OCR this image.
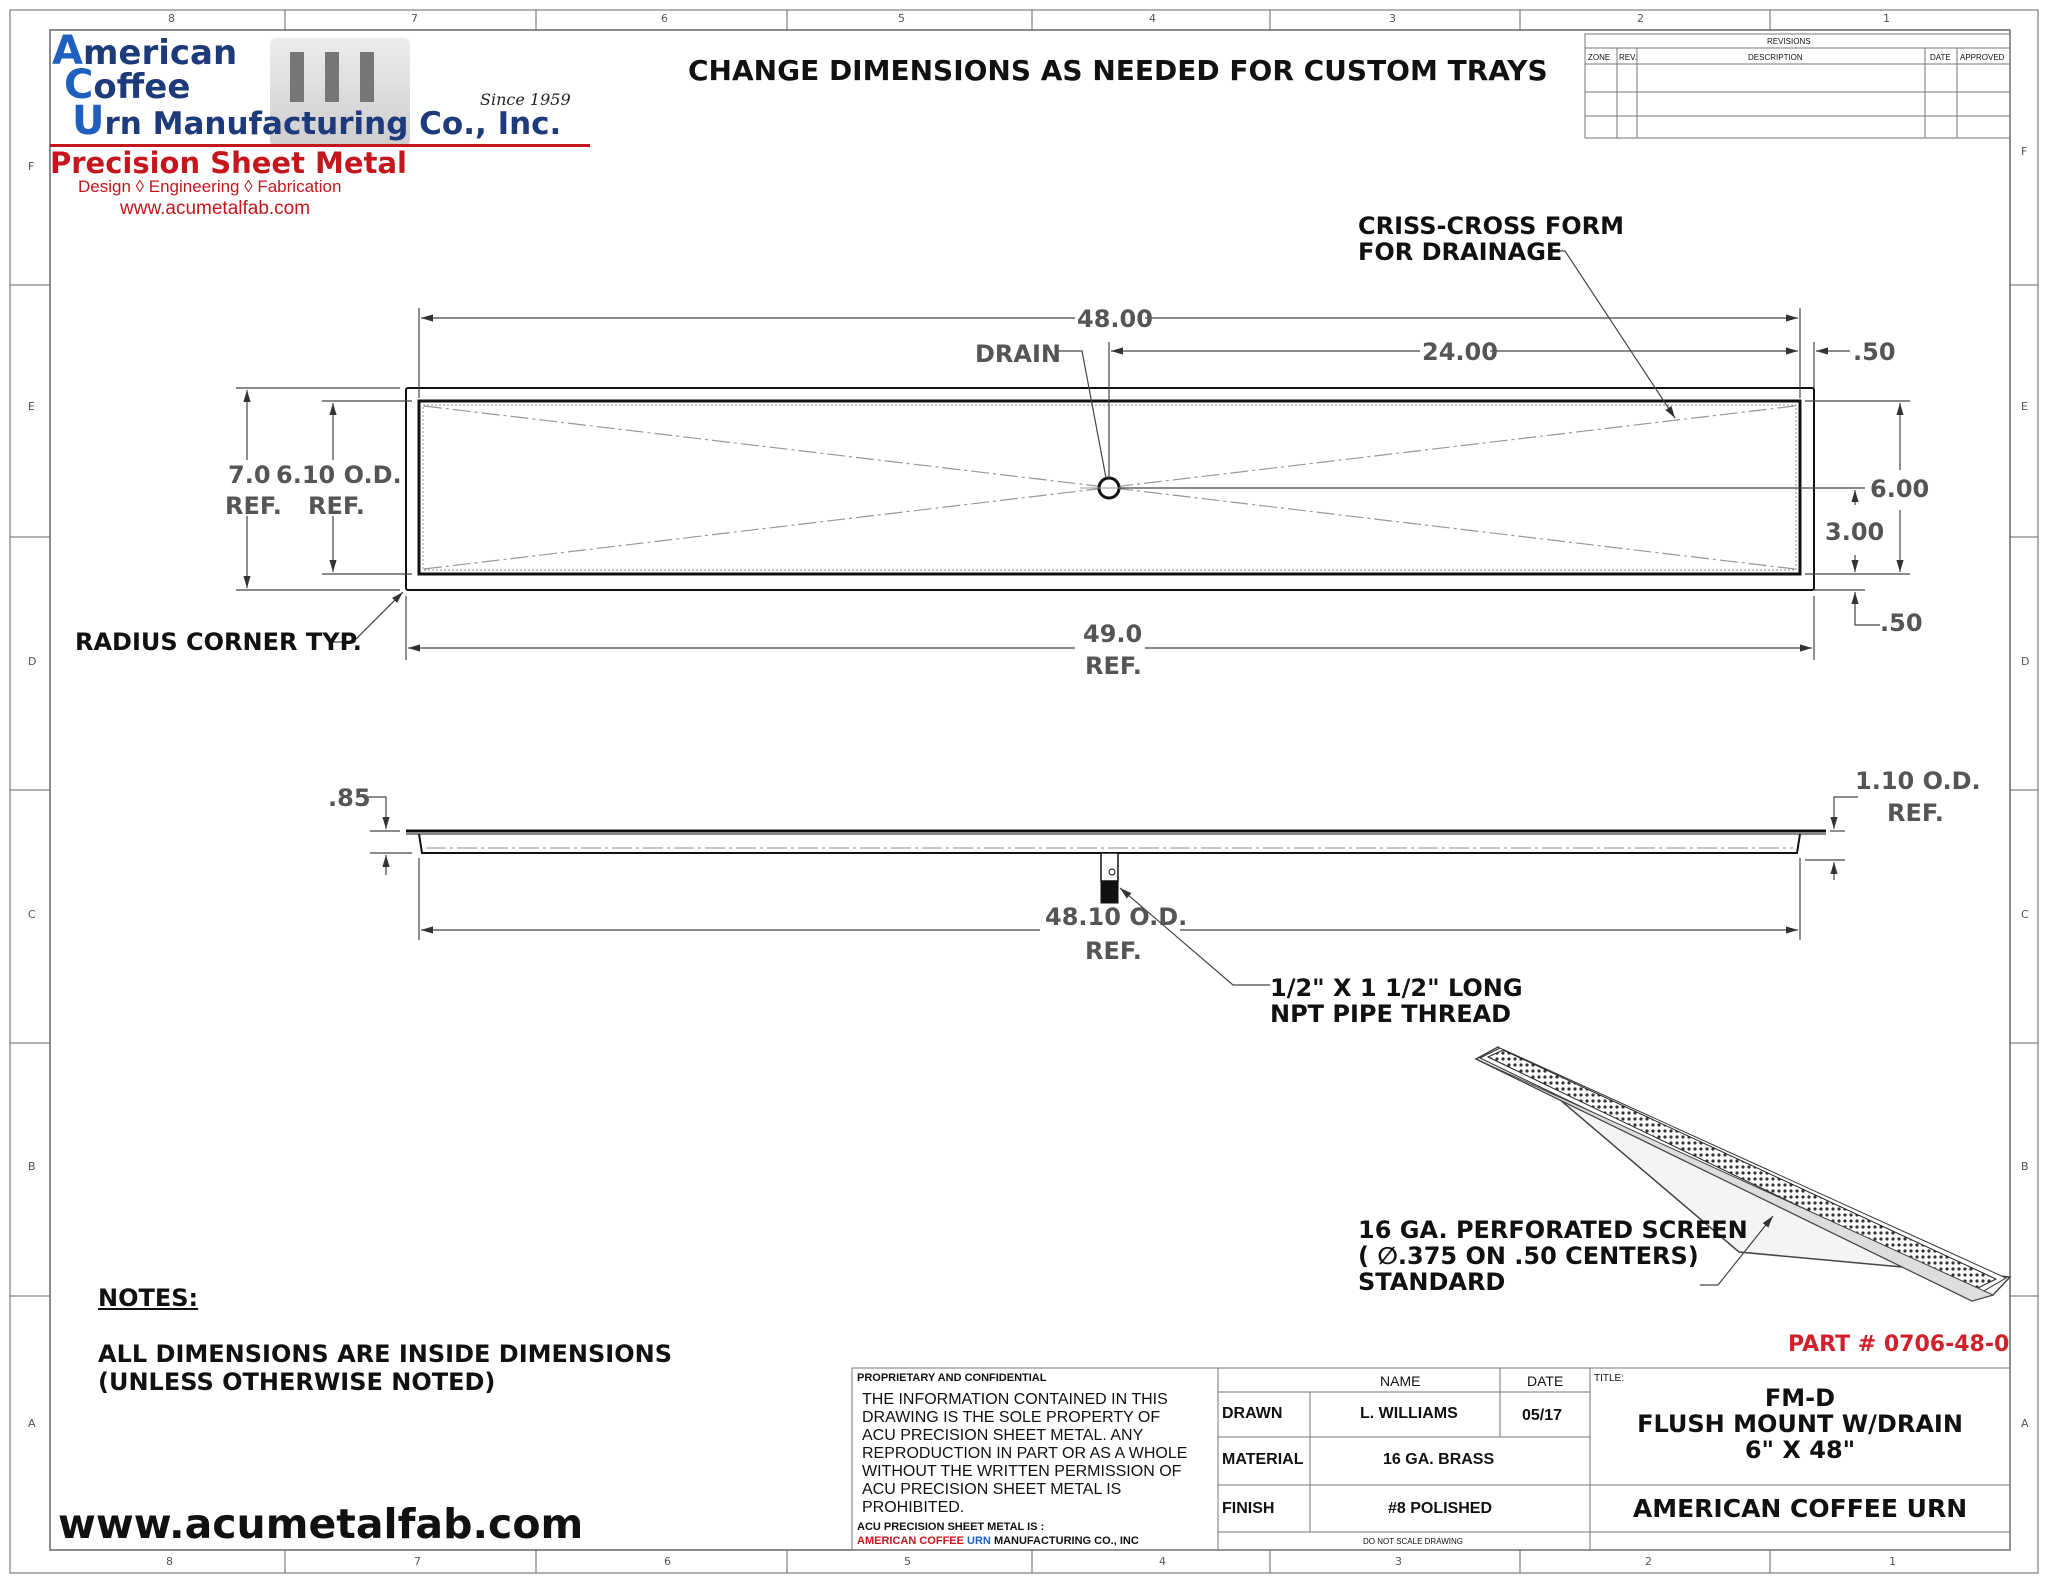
8	7	6	5	4	3	2	1
8	7	6	5	4	3	2	1
F
E
D
C
B
A
F
E
D
C
B
A
American
Coffee
Urn Manufacturing Co., Inc.
Since 1959
Precision Sheet Metal
Design ◊ Engineering ◊ Fabrication
www.acumetalfab.com
CHANGE DIMENSIONS AS NEEDED FOR CUSTOM TRAYS
REVISIONS
ZONE REV.	DESCRIPTION	DATE APPROVED
CRISS-CROSS FORM
FOR DRAINAGE
DRAIN
RADIUS CORNER TYP.
1/2" X 1 1/2" LONG
NPT PIPE THREAD
16 GA. PERFORATED SCREEN
( ∅.375 ON .50 CENTERS)
STANDARD
48.00
24.00	.50
7.0
REF.
6.10 O.D.
REF.
6.00
3.00
.50
49.0
REF.
.85
1.10 O.D.
REF.
48.10 O.D.
REF.
NOTES:
ALL DIMENSIONS ARE INSIDE DIMENSIONS
(UNLESS OTHERWISE NOTED)
www.acumetalfab.com
PART # 0706-48-0
PROPRIETARY AND CONFIDENTIAL
THE INFORMATION CONTAINED IN THIS
DRAWING IS THE SOLE PROPERTY OF
ACU PRECISION SHEET METAL. ANY
REPRODUCTION IN PART OR AS A WHOLE
WITHOUT THE WRITTEN PERMISSION OF
ACU PRECISION SHEET METAL IS
PROHIBITED.
ACU PRECISION SHEET METAL IS :
AMERICAN COFFEE URN MANUFACTURING CO., INC
NAME	DATE
DRAWN	L. WILLIAMS	05/17
MATERIAL	16 GA. BRASS
FINISH	#8 POLISHED
DO NOT SCALE DRAWING
TITLE:
FM-D
FLUSH MOUNT W/DRAIN
6" X 48"
AMERICAN COFFEE URN
